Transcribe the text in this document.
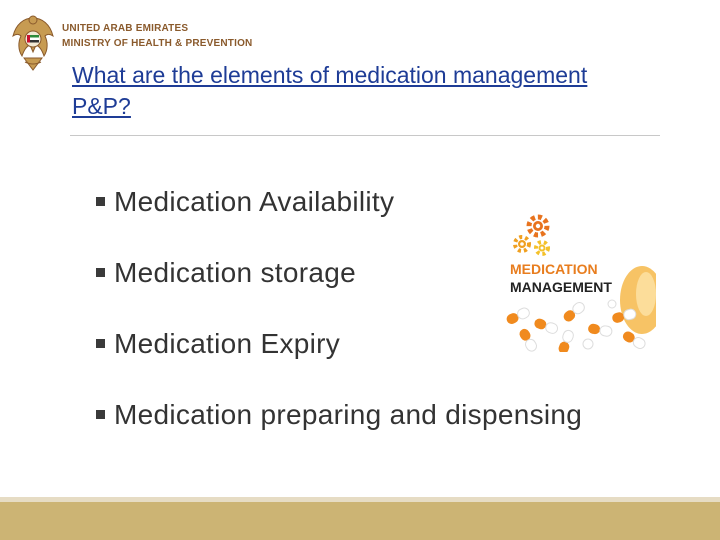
UNITED ARAB EMIRATES
MINISTRY OF HEALTH & PREVENTION
What are the elements of medication management
P&P?
Medication Availability
Medication storage
Medication Expiry
Medication preparing and dispensing
MEDICATION
MANAGEMENT
